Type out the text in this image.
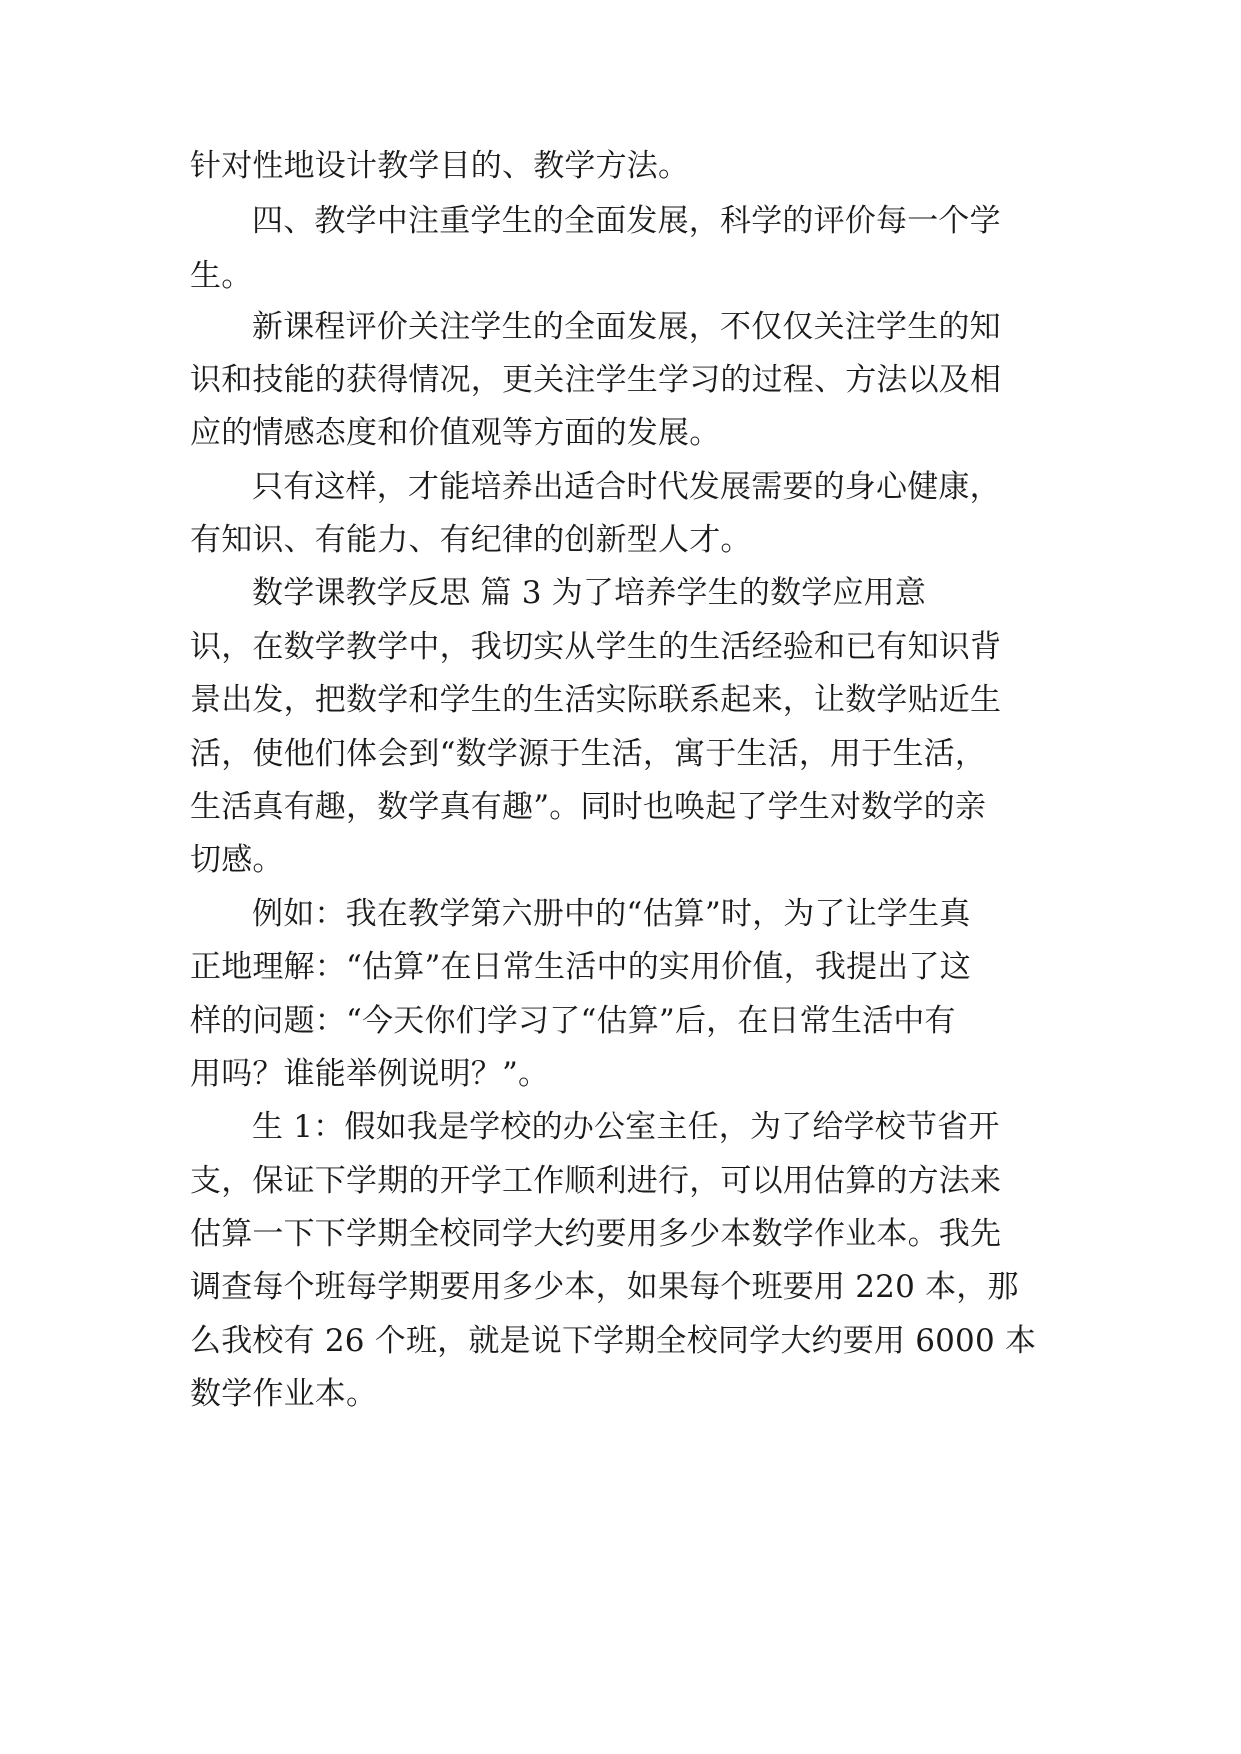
针对性地设计教学目的、教学方法。
四、教学中注重学生的全面发展，科学的评价每一个学
生。
新课程评价关注学生的全面发展，不仅仅关注学生的知
识和技能的获得情况，更关注学生学习的过程、方法以及相
应的情感态度和价值观等方面的发展。
只有这样，才能培养出适合时代发展需要的身心健康，
有知识、有能力、有纪律的创新型人才。
数学课教学反思 篇 3 为了培养学生的数学应用意
识，在数学教学中，我切实从学生的生活经验和已有知识背
景出发，把数学和学生的生活实际联系起来，让数学贴近生
活，使他们体会到“数学源于生活，寓于生活，用于生活，
生活真有趣，数学真有趣”。同时也唤起了学生对数学的亲
切感。
例如：我在教学第六册中的“估算”时，为了让学生真
正地理解：“估算”在日常生活中的实用价值，我提出了这
样的问题：“今天你们学习了“估算”后，在日常生活中有
用吗？谁能举例说明？”。
生 1：假如我是学校的办公室主任，为了给学校节省开
支，保证下学期的开学工作顺利进行，可以用估算的方法来
估算一下下学期全校同学大约要用多少本数学作业本。我先
调查每个班每学期要用多少本，如果每个班要用 220 本，那
么我校有 26 个班，就是说下学期全校同学大约要用 6000 本
数学作业本。
